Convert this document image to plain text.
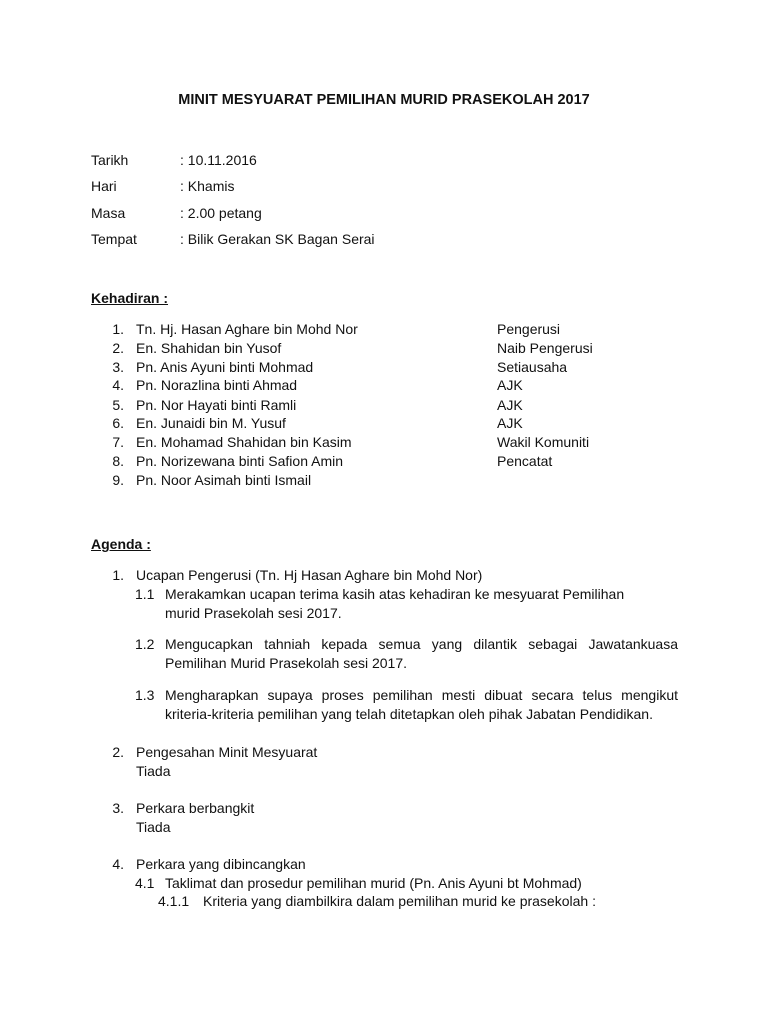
MINIT MESYUARAT PEMILIHAN MURID PRASEKOLAH 2017
Tarikh	: 10.11.2016
Hari	: Khamis
Masa	: 2.00 petang
Tempat	: Bilik Gerakan SK Bagan Serai
Kehadiran :
1. Tn. Hj. Hasan Aghare bin Mohd Nor	Pengerusi
2. En. Shahidan bin Yusof	Naib Pengerusi
3. Pn. Anis Ayuni binti Mohmad	Setiausaha
4. Pn. Norazlina binti Ahmad	AJK
5. Pn. Nor Hayati binti Ramli	AJK
6. En. Junaidi bin M. Yusuf	AJK
7. En. Mohamad Shahidan bin Kasim	Wakil Komuniti
8. Pn. Norizewana binti Safion Amin	Pencatat
9. Pn. Noor Asimah binti Ismail
Agenda :
1. Ucapan Pengerusi (Tn. Hj Hasan Aghare bin Mohd Nor)
1.1 Merakamkan ucapan terima kasih atas kehadiran ke mesyuarat Pemilihan
murid Prasekolah sesi 2017.
1.2 Mengucapkan tahniah kepada semua yang dilantik sebagai Jawatankuasa
Pemilihan Murid Prasekolah sesi 2017.
1.3 Mengharapkan supaya proses pemilihan mesti dibuat secara telus mengikut
kriteria-kriteria pemilihan yang telah ditetapkan oleh pihak Jabatan Pendidikan.
2. Pengesahan Minit Mesyuarat
Tiada
3. Perkara berbangkit
Tiada
4. Perkara yang dibincangkan
4.1 Taklimat dan prosedur pemilihan murid (Pn. Anis Ayuni bt Mohmad)
4.1.1 Kriteria yang diambilkira dalam pemilihan murid ke prasekolah :
